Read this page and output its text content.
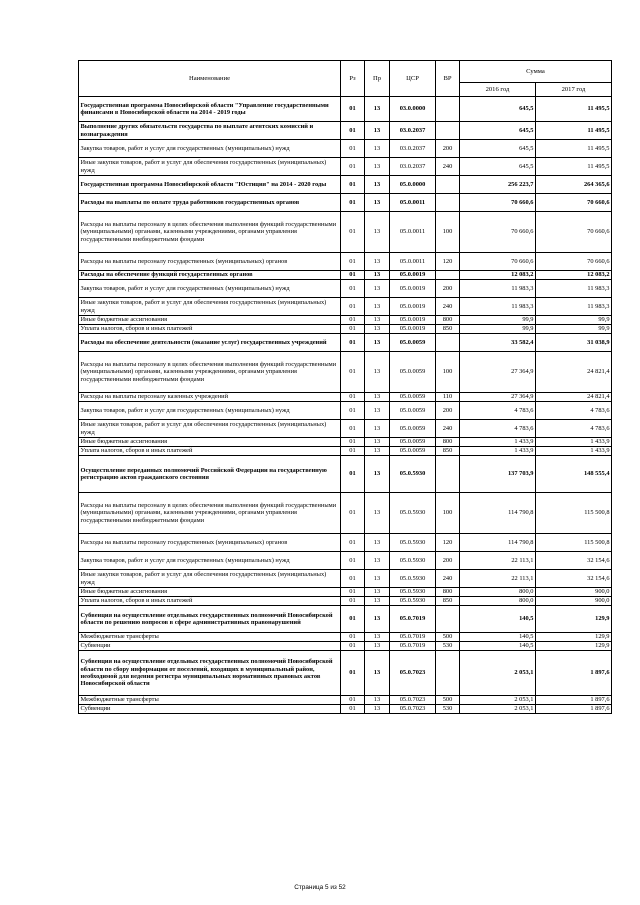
Наименование	Рз	Пр	ЦСР	ВР	Сумма	
					2016 год	2017 год
Государственная программа Новосибирской области "Управление государственными финансами в Новосибирской области на 2014 - 2019 годы	01	13	03.0.0000		645,5	11 495,5
Выполнение других обязательств государства по выплате агентских комиссий и вознаграждения	01	13	03.0.2037		645,5	11 495,5
Закупка товаров, работ и услуг для государственных (муниципальных) нужд	01	13	03.0.2037	200	645,5	11 495,5
Иные закупки товаров, работ и услуг для обеспечения государственных (муниципальных) нужд	01	13	03.0.2037	240	645,5	11 495,5
Государственная программа Новосибирской области "Юстиция" на 2014 - 2020 годы	01	13	05.0.0000		256 223,7	264 365,6
Расходы на выплаты по оплате труда работников государственных органов	01	13	05.0.0011		70 660,6	70 660,6
Расходы на выплаты персоналу в целях обеспечения выполнения функций государственными (муниципальными) органами, казенными учреждениями, органами управления государственными внебюджетными фондами	01	13	05.0.0011	100	70 660,6	70 660,6
Расходы на выплаты персоналу государственных (муниципальных) органов	01	13	05.0.0011	120	70 660,6	70 660,6
Расходы на обеспечение функций государственных органов	01	13	05.0.0019		12 083,2	12 083,2
Закупка товаров, работ и услуг для государственных (муниципальных) нужд	01	13	05.0.0019	200	11 983,3	11 983,3
Иные закупки товаров, работ и услуг для обеспечения государственных (муниципальных) нужд	01	13	05.0.0019	240	11 983,3	11 983,3
Иные бюджетные ассигнования	01	13	05.0.0019	800	99,9	99,9
Уплата налогов, сборов и иных платежей	01	13	05.0.0019	850	99,9	99,9
Расходы на обеспечение деятельности (оказание услуг) государственных учреждений	01	13	05.0.0059		33 582,4	31 038,9
Расходы на выплаты персоналу в целях обеспечения выполнения функций государственными (муниципальными) органами, казенными учреждениями, органами управления государственными внебюджетными фондами	01	13	05.0.0059	100	27 364,9	24 821,4
Расходы на выплаты персоналу казенных учреждений	01	13	05.0.0059	110	27 364,9	24 821,4
Закупка товаров, работ и услуг для государственных (муниципальных) нужд	01	13	05.0.0059	200	4 783,6	4 783,6
Иные закупки товаров, работ и услуг для обеспечения государственных (муниципальных) нужд	01	13	05.0.0059	240	4 783,6	4 783,6
Иные бюджетные ассигнования	01	13	05.0.0059	800	1 433,9	1 433,9
Уплата налогов, сборов и иных платежей	01	13	05.0.0059	850	1 433,9	1 433,9
Осуществление переданных полномочий Российской Федерации на государственную регистрацию актов гражданского состояния	01	13	05.0.5930		137 703,9	148 555,4
Расходы на выплаты персоналу в целях обеспечения выполнения функций государственными (муниципальными) органами, казенными учреждениями, органами управления государственными внебюджетными фондами	01	13	05.0.5930	100	114 790,8	115 500,8
Расходы на выплаты персоналу государственных (муниципальных) органов	01	13	05.0.5930	120	114 790,8	115 500,8
Закупка товаров, работ и услуг для государственных (муниципальных) нужд	01	13	05.0.5930	200	22 113,1	32 154,6
Иные закупки товаров, работ и услуг для обеспечения государственных (муниципальных) нужд	01	13	05.0.5930	240	22 113,1	32 154,6
Иные бюджетные ассигнования	01	13	05.0.5930	800	800,0	900,0
Уплата налогов, сборов и иных платежей	01	13	05.0.5930	850	800,0	900,0
Субвенция на осуществление отдельных государственных полномочий Новосибирской области по решению вопросов в сфере административных правонарушений	01	13	05.0.7019		140,5	129,9
Межбюджетные трансферты	01	13	05.0.7019	500	140,5	129,9
Субвенции	01	13	05.0.7019	530	140,5	129,9
Субвенция на осуществление отдельных государственных полномочий Новосибирской области по сбору информации от поселений, входящих в муниципальный район, необходимой для ведения регистра муниципальных нормативных правовых актов Новосибирской области	01	13	05.0.7023		2 053,1	1 897,6
Межбюджетные трансферты	01	13	05.0.7023	500	2 053,1	1 897,6
Субвенции	01	13	05.0.7023	530	2 053,1	1 897,6
Страница 5 из 52
